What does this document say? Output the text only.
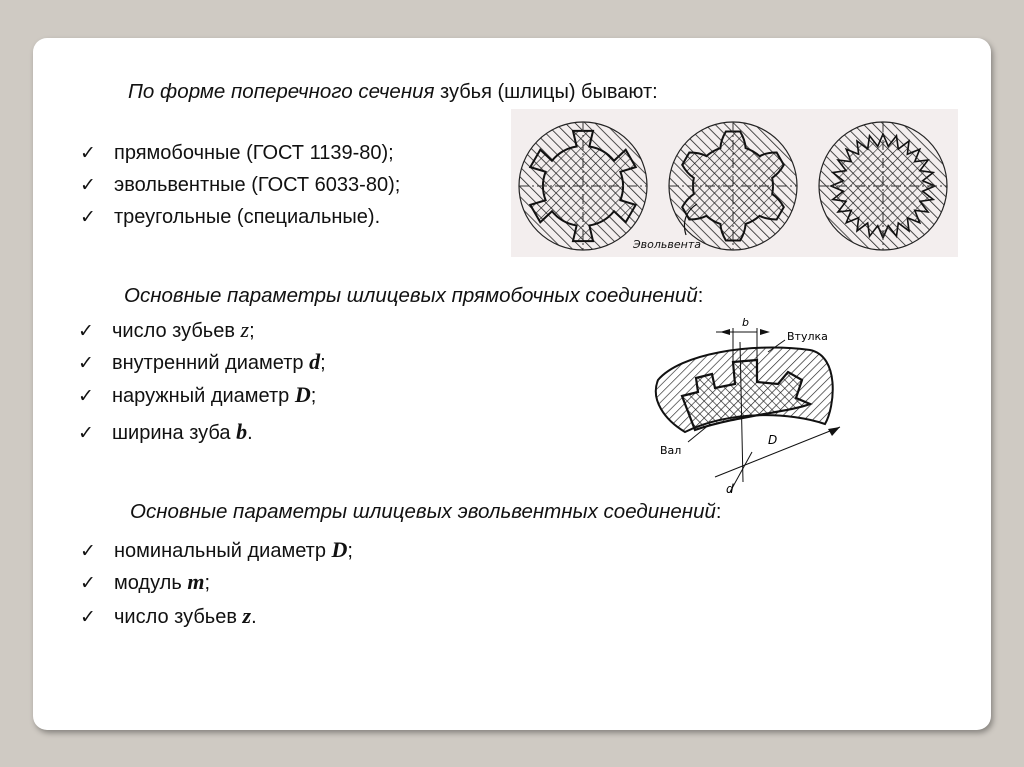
По форме поперечного сечения зубья (шлицы) бывают:
✓ прямобочные (ГОСТ 1139-80);
✓ эвольвентные (ГОСТ 6033-80);
✓ треугольные (специальные).
Эвольвента
Основные параметры шлицевых прямобочных соединений:
✓ число зубьев z;
✓ внутренний диаметр d;
✓ наружный диаметр D;
✓ ширина зуба b.
b
Втулка
Вал
D
d
Основные параметры шлицевых эвольвентных соединений:
✓ номинальный диаметр D;
✓ модуль m;
✓ число зубьев z.
